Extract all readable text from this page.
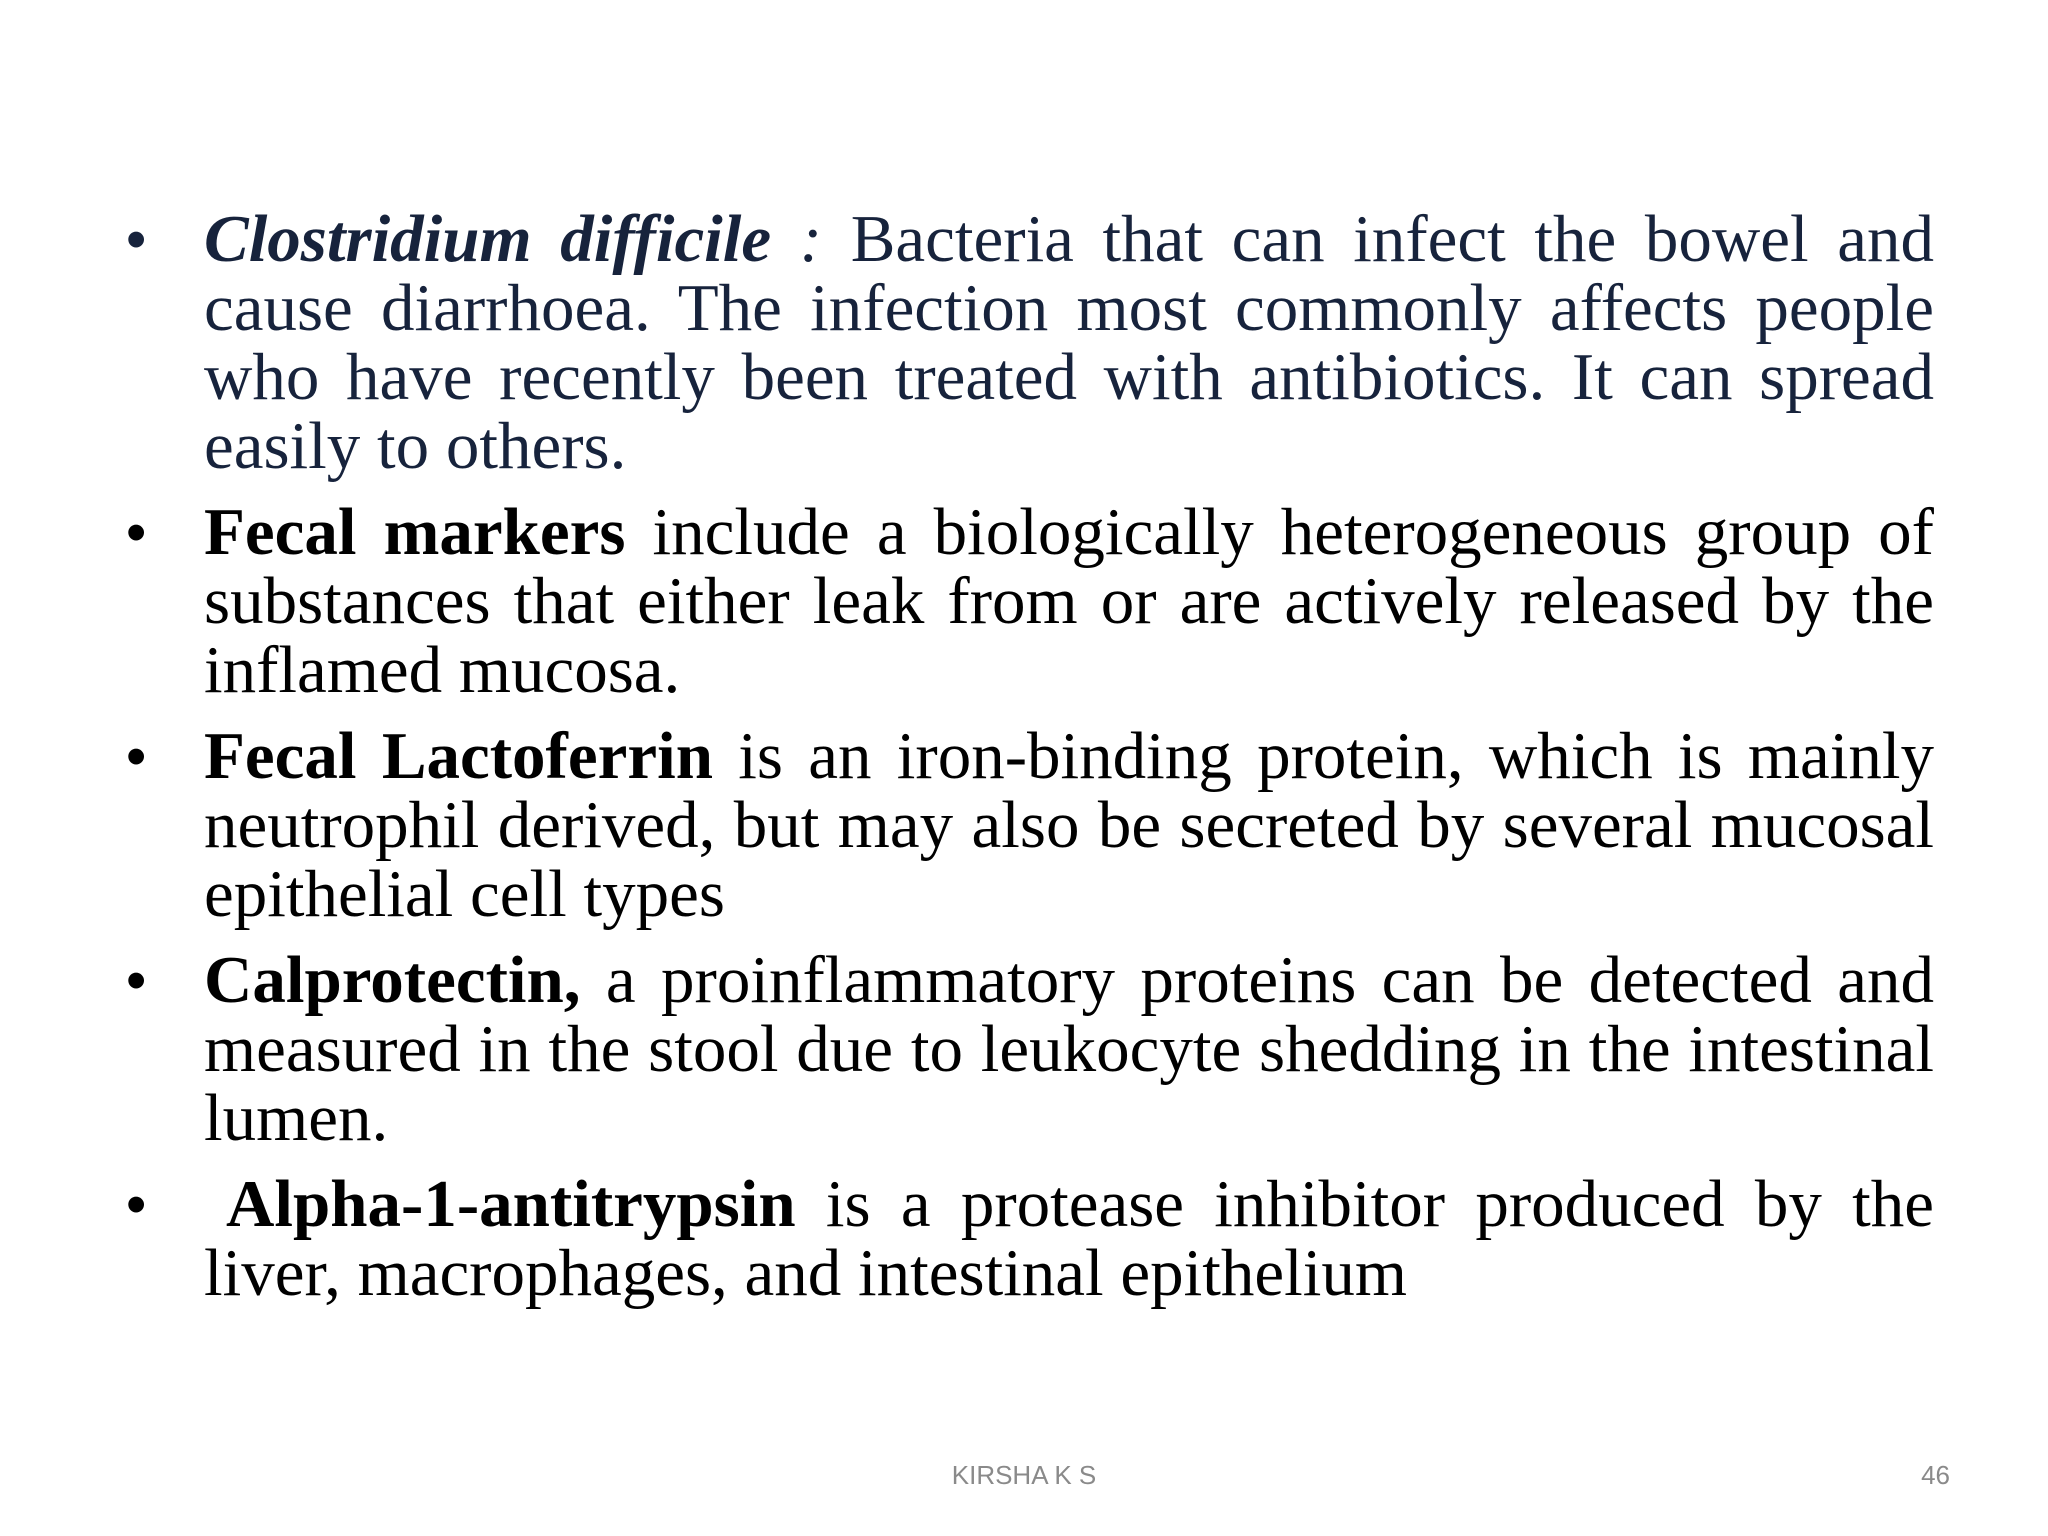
• Clostridium difficile : Bacteria that can infect the bowel and cause diarrhoea. The infection most commonly affects people who have recently been treated with antibiotics. It can spread easily to others.
• Fecal markers include a biologically heterogeneous group of substances that either leak from or are actively released by the inflamed mucosa.
• Fecal Lactoferrin is an iron-binding protein, which is mainly neutrophil derived, but may also be secreted by several mucosal epithelial cell types
• Calprotectin, a proinflammatory proteins can be detected and measured in the stool due to leukocyte shedding in the intestinal lumen.
• Alpha-1-antitrypsin is a protease inhibitor produced by the liver, macrophages, and intestinal epithelium
KIRSHA K S	46
